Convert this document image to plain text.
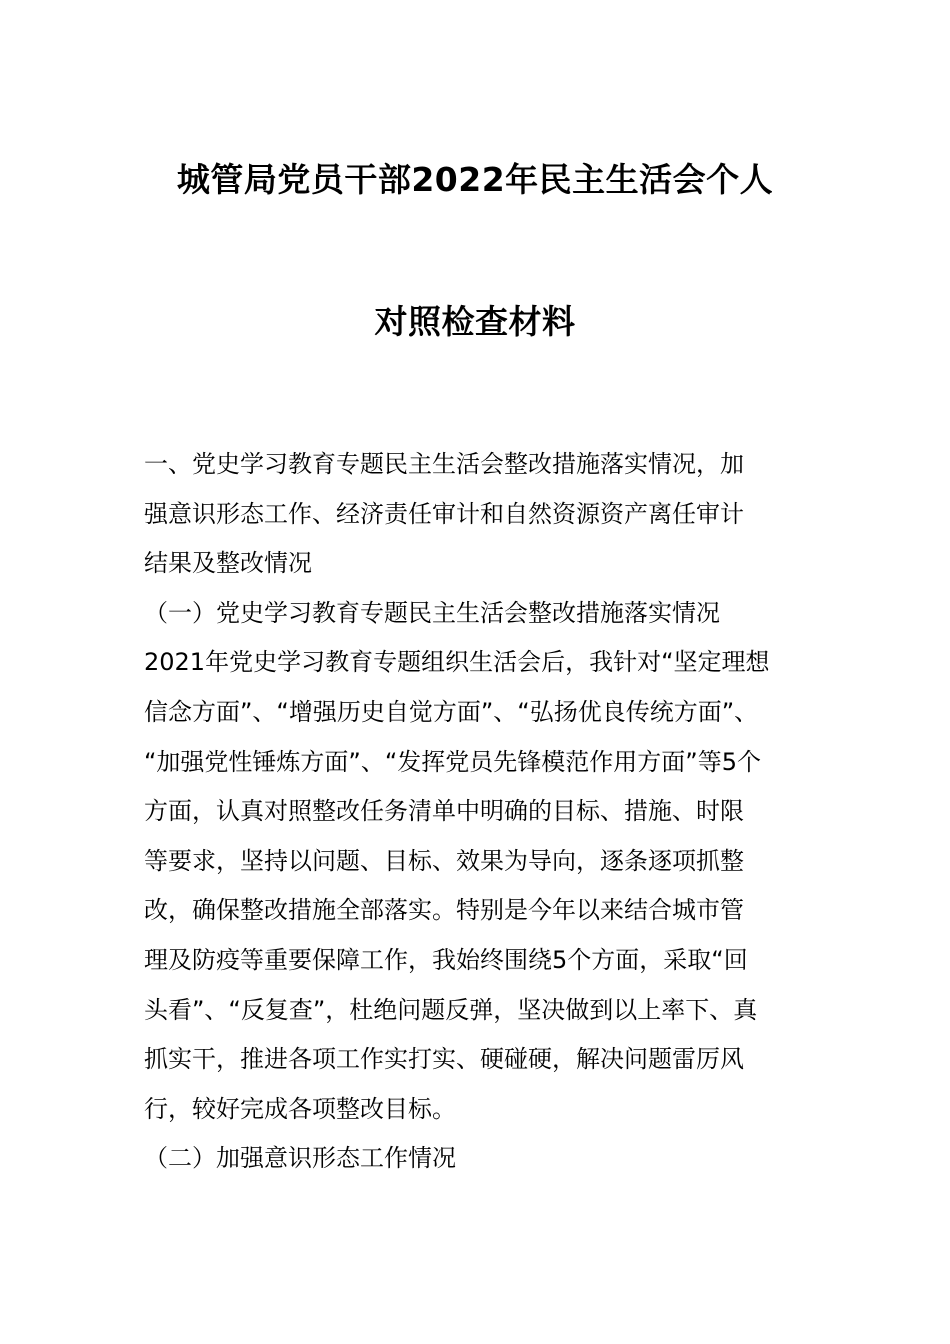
城管局党员干部2022年民主生活会个人
对照检查材料
一、党史学习教育专题民主生活会整改措施落实情况，加
强意识形态工作、经济责任审计和自然资源资产离任审计
结果及整改情况
（一）党史学习教育专题民主生活会整改措施落实情况
2021年党史学习教育专题组织生活会后，我针对“坚定理想
信念方面”、“增强历史自觉方面”、“弘扬优良传统方面”、
“加强党性锤炼方面”、“发挥党员先锋模范作用方面”等5个
方面，认真对照整改任务清单中明确的目标、措施、时限
等要求，坚持以问题、目标、效果为导向，逐条逐项抓整
改，确保整改措施全部落实。特别是今年以来结合城市管
理及防疫等重要保障工作，我始终围绕5个方面，采取“回
头看”、“反复查”，杜绝问题反弹，坚决做到以上率下、真
抓实干，推进各项工作实打实、硬碰硬，解决问题雷厉风
行，较好完成各项整改目标。
（二）加强意识形态工作情况
